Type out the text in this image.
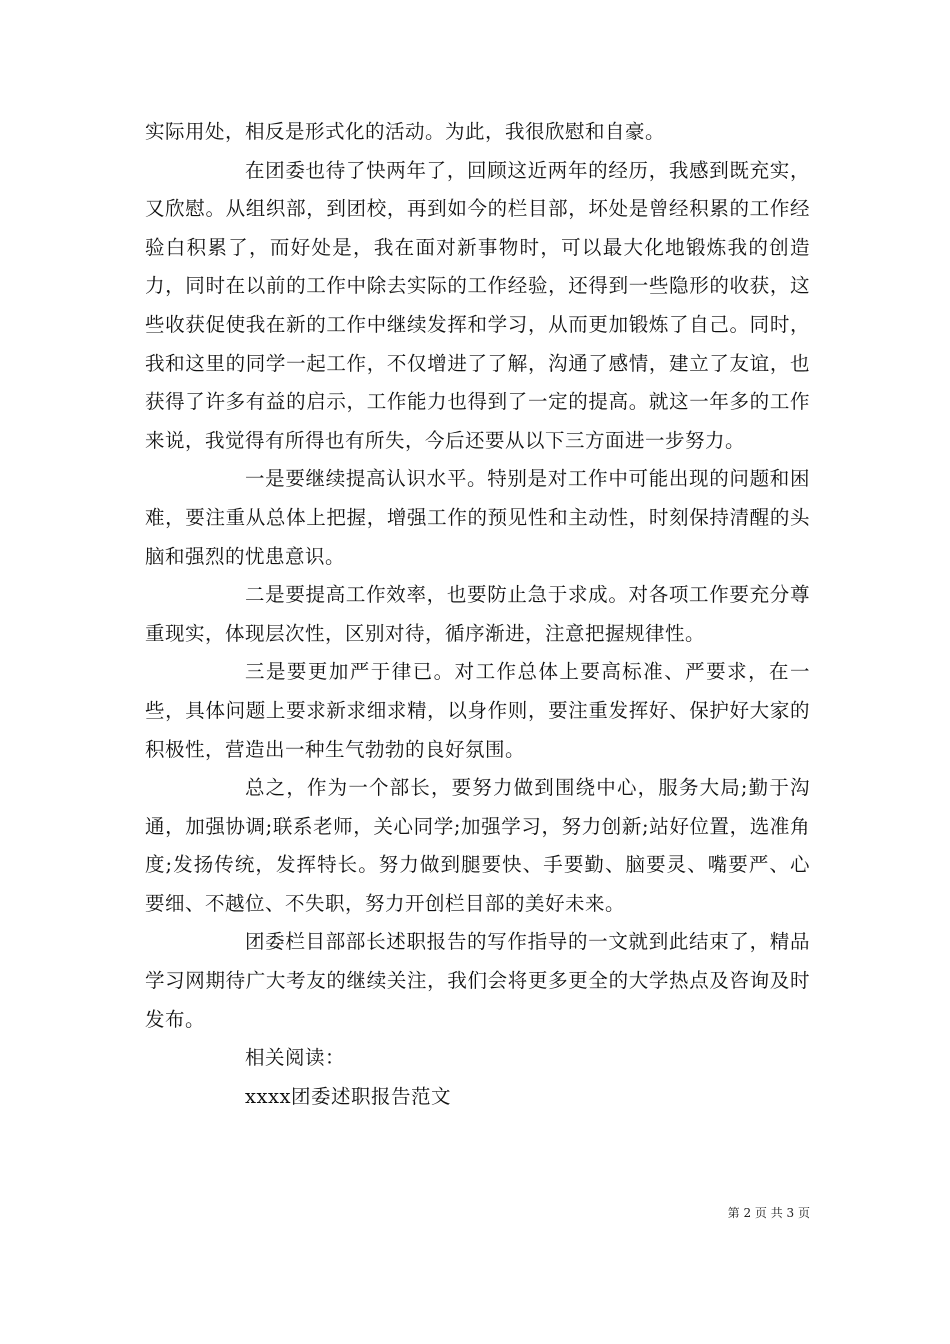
实际用处，相反是形式化的活动。为此，我很欣慰和自豪。

在团委也待了快两年了，回顾这近两年的经历，我感到既充实，又欣慰。从组织部，到团校，再到如今的栏目部，坏处是曾经积累的工作经验白积累了，而好处是，我在面对新事物时，可以最大化地锻炼我的创造力，同时在以前的工作中除去实际的工作经验，还得到一些隐形的收获，这些收获促使我在新的工作中继续发挥和学习，从而更加锻炼了自己。同时，我和这里的同学一起工作，不仅增进了了解，沟通了感情，建立了友谊，也获得了许多有益的启示，工作能力也得到了一定的提高。就这一年多的工作来说，我觉得有所得也有所失，今后还要从以下三方面进一步努力。

一是要继续提高认识水平。特别是对工作中可能出现的问题和困难，要注重从总体上把握，增强工作的预见性和主动性，时刻保持清醒的头脑和强烈的忧患意识。

二是要提高工作效率，也要防止急于求成。对各项工作要充分尊重现实，体现层次性，区别对待，循序渐进，注意把握规律性。

三是要更加严于律已。对工作总体上要高标准、严要求，在一些，具体问题上要求新求细求精，以身作则，要注重发挥好、保护好大家的积极性，营造出一种生气勃勃的良好氛围。

总之，作为一个部长，要努力做到围绕中心，服务大局;勤于沟通，加强协调;联系老师，关心同学;加强学习，努力创新;站好位置，选准角度;发扬传统，发挥特长。努力做到腿要快、手要勤、脑要灵、嘴要严、心要细、不越位、不失职，努力开创栏目部的美好未来。

团委栏目部部长述职报告的写作指导的一文就到此结束了，精品学习网期待广大考友的继续关注，我们会将更多更全的大学热点及咨询及时发布。

相关阅读：

xxxx团委述职报告范文

第 2 页 共 3 页
